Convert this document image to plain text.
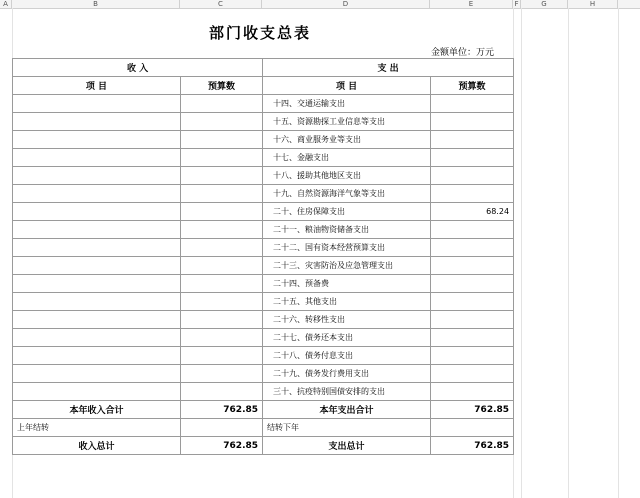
A	B	C	D	E	F	G	H
部门收支总表
金额单位：万元
收 入		支 出	
项 目	预算数	项 目	预算数
		十四、交通运输支出	
		十五、资源勘探工业信息等支出	
		十六、商业服务业等支出	
		十七、金融支出	
		十八、援助其他地区支出	
		十九、自然资源海洋气象等支出	
		二十、住房保障支出	68.24
		二十一、粮油物资储备支出	
		二十二、国有资本经营预算支出	
		二十三、灾害防治及应急管理支出	
		二十四、预备费	
		二十五、其他支出	
		二十六、转移性支出	
		二十七、债务还本支出	
		二十八、债务付息支出	
		二十九、债务发行费用支出	
		三十、抗疫特别国债安排的支出	
本年收入合计	762.85	本年支出合计	762.85
上年结转		结转下年	
收入总计	762.85	支出总计	762.85
